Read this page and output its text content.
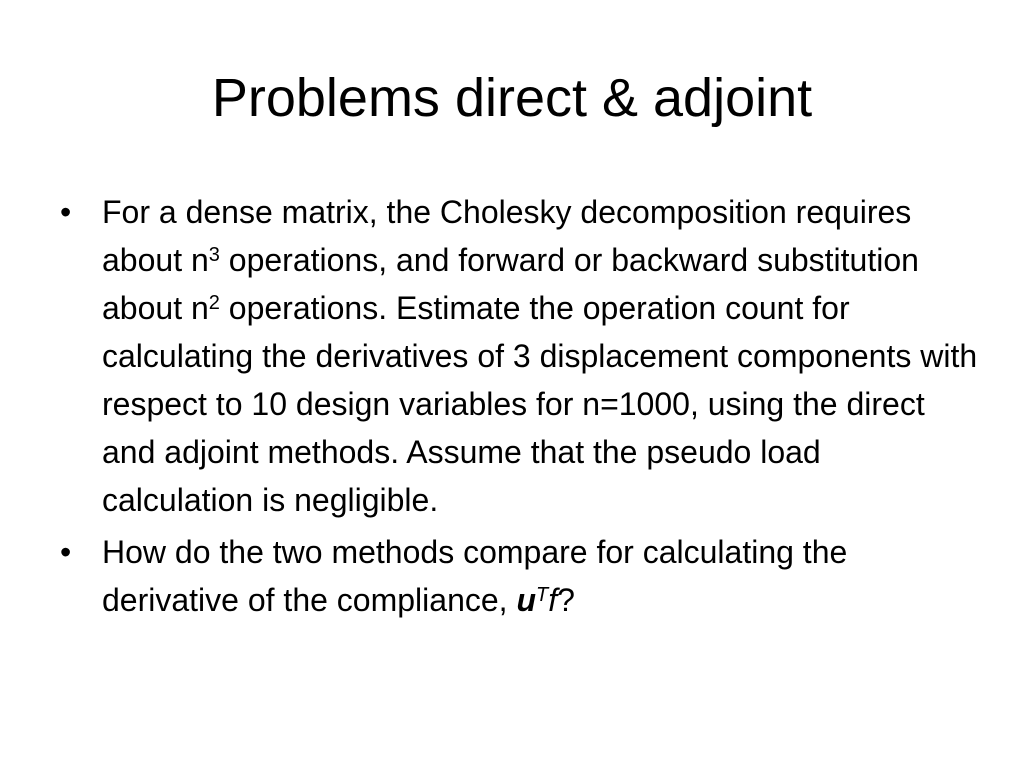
Problems direct & adjoint
• For a dense matrix, the Cholesky decomposition requires about $n^3$ operations, and forward or backward substitution about $n^2$ operations. Estimate the operation count for calculating the derivatives of 3 displacement components with respect to 10 design variables for n=1000, using the direct and adjoint methods. Assume that the pseudo load calculation is negligible.
• How do the two methods compare for calculating the derivative of the compliance, $u^Tf$?
